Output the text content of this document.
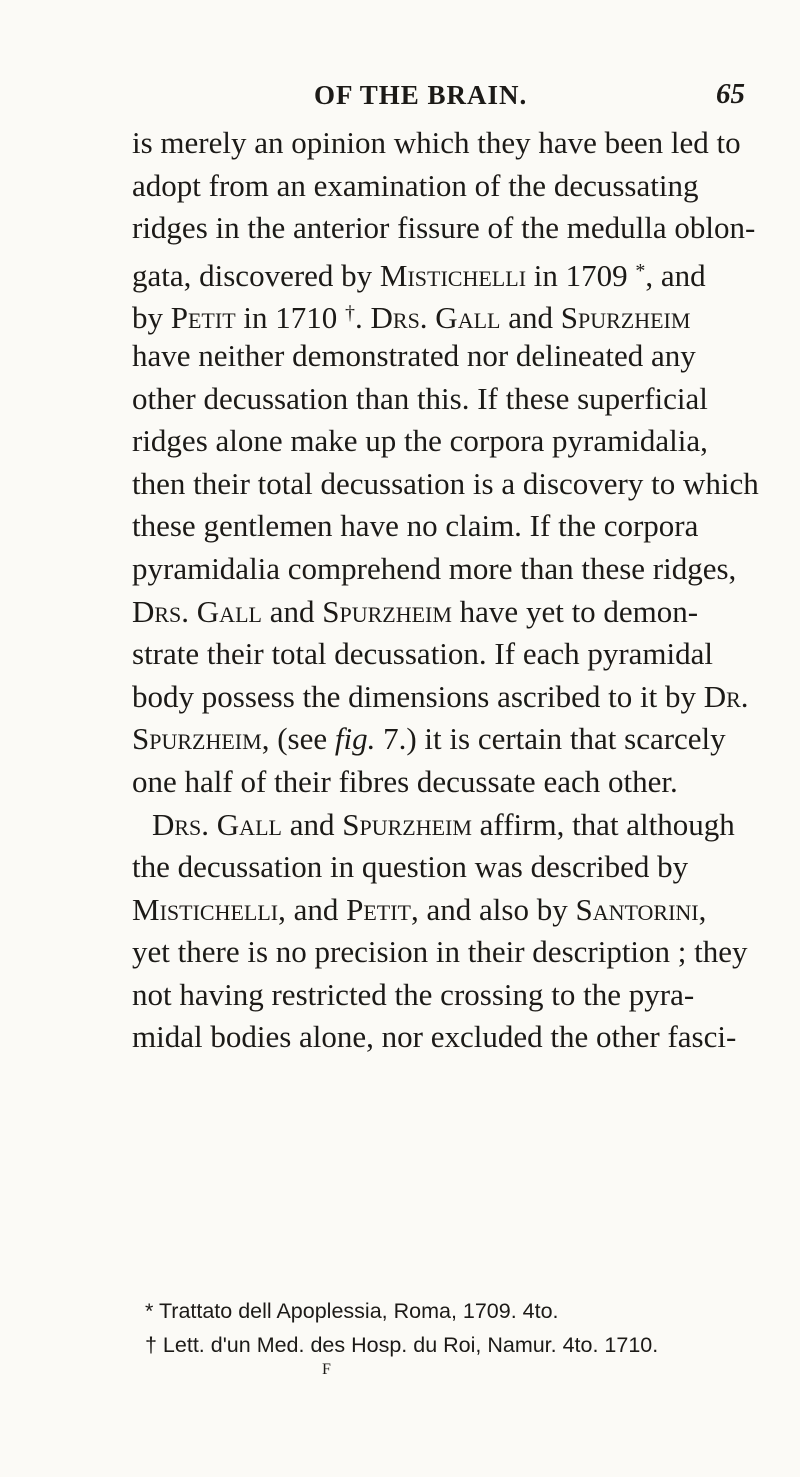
OF THE BRAIN.	65
is merely an opinion which they have been led to
adopt from an examination of the decussating
ridges in the anterior fissure of the medulla oblon-
gata, discovered by Mistichelli in 1709 *, and
by Petit in 1710 †. Drs. Gall and Spurzheim
have neither demonstrated nor delineated any
other decussation than this. If these superficial
ridges alone make up the corpora pyramidalia,
then their total decussation is a discovery to which
these gentlemen have no claim. If the corpora
pyramidalia comprehend more than these ridges,
Drs. Gall and Spurzheim have yet to demon-
strate their total decussation. If each pyramidal
body possess the dimensions ascribed to it by Dr.
Spurzheim, (see fig. 7.) it is certain that scarcely
one half of their fibres decussate each other.
Drs. Gall and Spurzheim affirm, that although
the decussation in question was described by
Mistichelli, and Petit, and also by Santorini,
yet there is no precision in their description ; they
not having restricted the crossing to the pyra-
midal bodies alone, nor excluded the other fasci-
* Trattato dell Apoplessia, Roma, 1709. 4to.
† Lett. d'un Med. des Hosp. du Roi, Namur. 4to. 1710.
F
